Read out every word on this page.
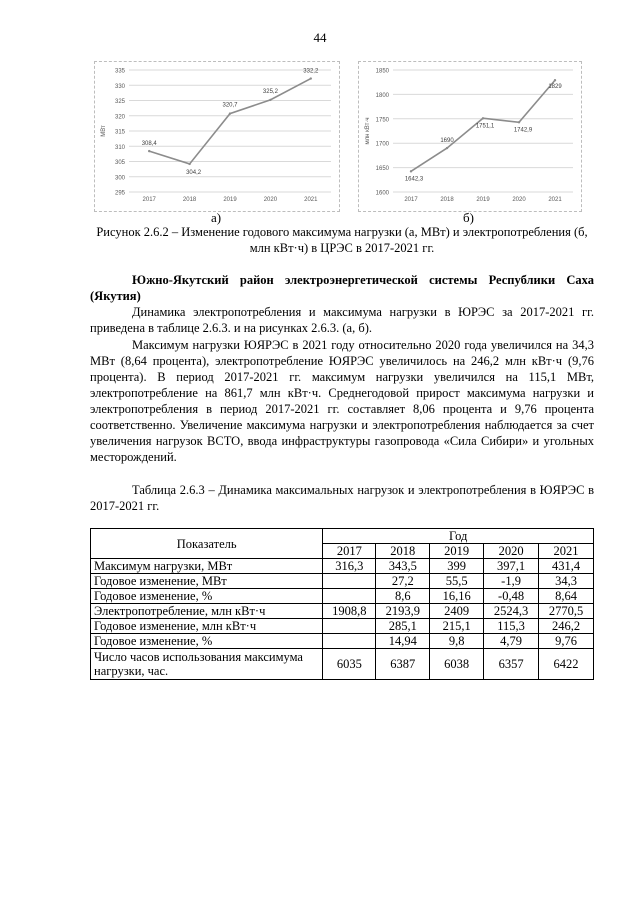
44
295
300
305
310
315
320
325
330
335
МВт
2017	2018	2019	2020	2021
308,4
304,2
320,7
325,2
332,2
1600
1650
1700
1750
1800
1850
млн кВт·ч
2017	2018	2019	2020	2021
1642,3
1690
1751,1
1742,9
1829
а)	б)
Рисунок 2.6.2 – Изменение годового максимума нагрузки (а, МВт) и электропотребления (б, млн кВт·ч) в ЦРЭС в 2017-2021 гг.
Южно-Якутский район электроэнергетической системы Республики Саха (Якутия)
Динамика электропотребления и максимума нагрузки в ЮРЭС за 2017-2021 гг. приведена в таблице 2.6.3. и на рисунках 2.6.3. (а, б).
Максимум нагрузки ЮЯРЭС в 2021 году относительно 2020 года увеличился на 34,3 МВт (8,64 процента), электропотребление ЮЯРЭС увеличилось на 246,2 млн кВт·ч (9,76 процента). В период 2017-2021 гг. максимум нагрузки увеличился на 115,1 МВт, электропотребление на 861,7 млн кВт·ч. Среднегодовой прирост максимума нагрузки и электропотребления в период 2017-2021 гг. составляет 8,06 процента и 9,76 процента соответственно. Увеличение максимума нагрузки и электропотребления наблюдается за счет увеличения нагрузок ВСТО, ввода инфраструктуры газопровода «Сила Сибири» и угольных месторождений.
Таблица 2.6.3 – Динамика максимальных нагрузок и электропотребления в ЮЯРЭС в 2017-2021 гг.
Показатель	Год				
	2017	2018	2019	2020	2021
Максимум нагрузки, МВт	316,3	343,5	399	397,1	431,4
Годовое изменение, МВт		27,2	55,5	-1,9	34,3
Годовое изменение, %		8,6	16,16	-0,48	8,64
Электропотребление, млн кВт·ч	1908,8	2193,9	2409	2524,3	2770,5
Годовое изменение, млн кВт·ч		285,1	215,1	115,3	246,2
Годовое изменение, %		14,94	9,8	4,79	9,76
Число часов использования максимума нагрузки, час.	6035	6387	6038	6357	6422
